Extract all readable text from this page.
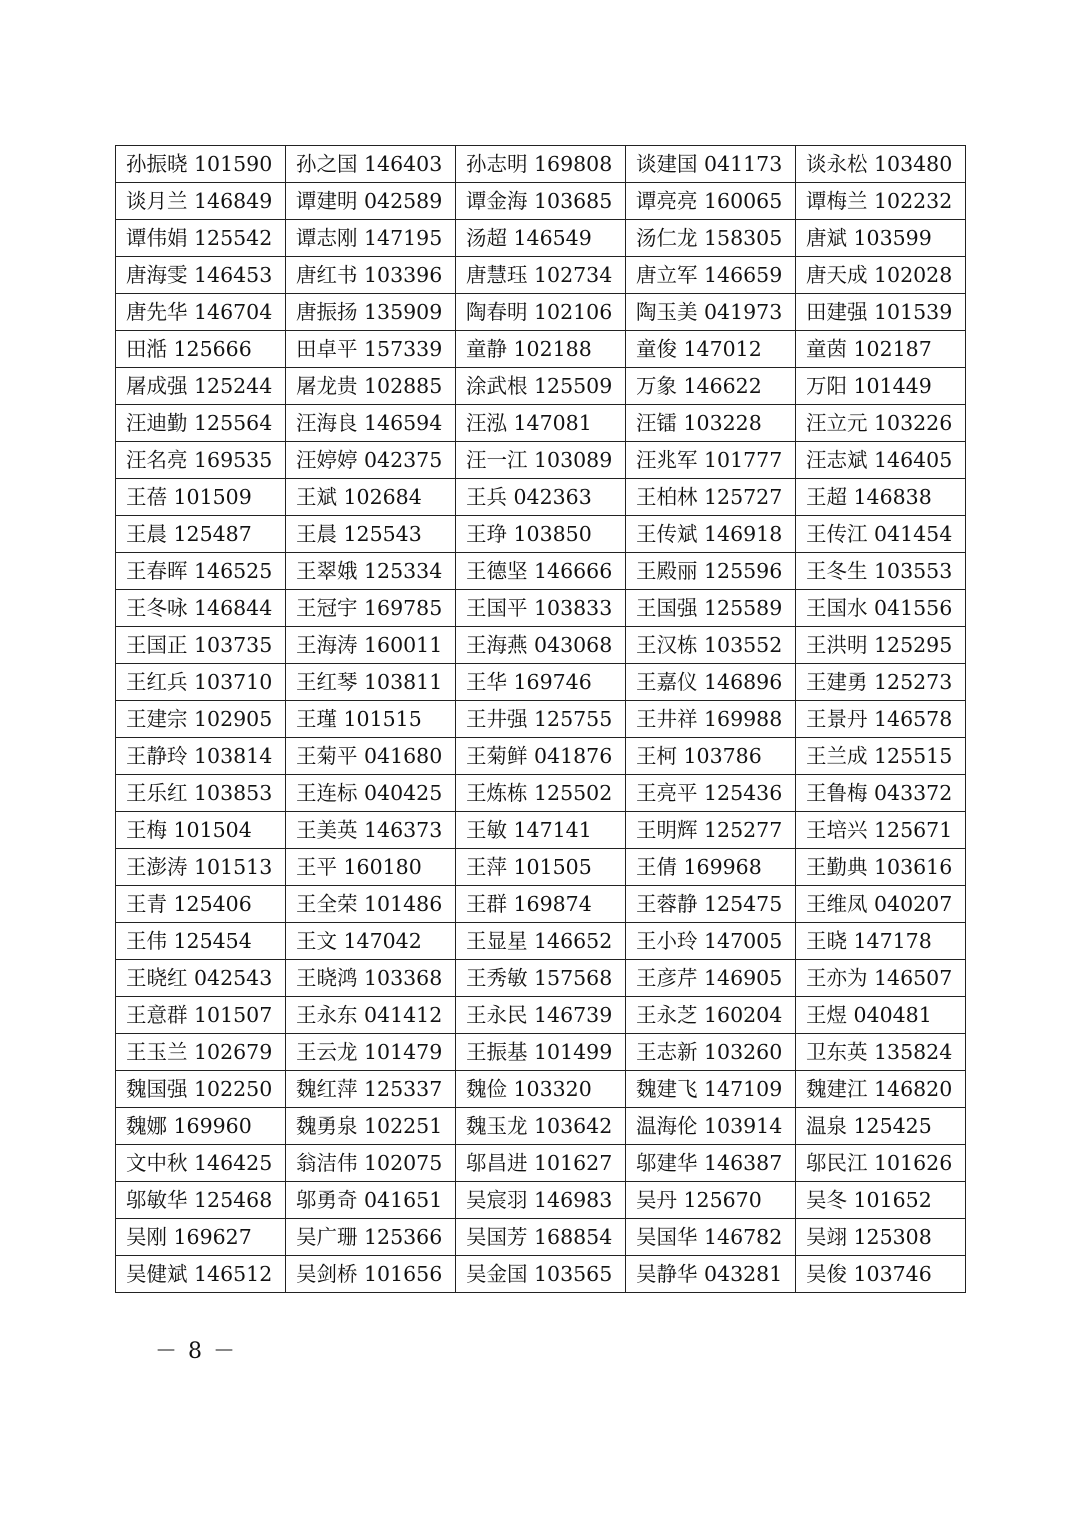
孙振晓 101590	孙之国 146403	孙志明 169808	谈建国 041173	谈永松 103480
谈月兰 146849	谭建明 042589	谭金海 103685	谭亮亮 160065	谭梅兰 102232
谭伟娟 125542	谭志刚 147195	汤超 146549	汤仁龙 158305	唐斌 103599
唐海雯 146453	唐红书 103396	唐慧珏 102734	唐立军 146659	唐天成 102028
唐先华 146704	唐振扬 135909	陶春明 102106	陶玉美 041973	田建强 101539
田湉 125666	田卓平 157339	童静 102188	童俊 147012	童茵 102187
屠成强 125244	屠龙贵 102885	涂武根 125509	万象 146622	万阳 101449
汪迪勤 125564	汪海良 146594	汪泓 147081	汪镭 103228	汪立元 103226
汪名亮 169535	汪婷婷 042375	汪一江 103089	汪兆军 101777	汪志斌 146405
王蓓 101509	王斌 102684	王兵 042363	王柏林 125727	王超 146838
王晨 125487	王晨 125543	王琤 103850	王传斌 146918	王传江 041454
王春晖 146525	王翠娥 125334	王德坚 146666	王殿丽 125596	王冬生 103553
王冬咏 146844	王冠宇 169785	王国平 103833	王国强 125589	王国水 041556
王国正 103735	王海涛 160011	王海燕 043068	王汉栋 103552	王洪明 125295
王红兵 103710	王红琴 103811	王华 169746	王嘉仪 146896	王建勇 125273
王建宗 102905	王瑾 101515	王井强 125755	王井祥 169988	王景丹 146578
王静玲 103814	王菊平 041680	王菊鲜 041876	王柯 103786	王兰成 125515
王乐红 103853	王连标 040425	王炼栋 125502	王亮平 125436	王鲁梅 043372
王梅 101504	王美英 146373	王敏 147141	王明辉 125277	王培兴 125671
王澎涛 101513	王平 160180	王萍 101505	王倩 169968	王勤典 103616
王青 125406	王全荣 101486	王群 169874	王蓉静 125475	王维凤 040207
王伟 125454	王文 147042	王显星 146652	王小玲 147005	王晓 147178
王晓红 042543	王晓鸿 103368	王秀敏 157568	王彦芹 146905	王亦为 146507
王意群 101507	王永东 041412	王永民 146739	王永芝 160204	王煜 040481
王玉兰 102679	王云龙 101479	王振基 101499	王志新 103260	卫东英 135824
魏国强 102250	魏红萍 125337	魏俭 103320	魏建飞 147109	魏建江 146820
魏娜 169960	魏勇泉 102251	魏玉龙 103642	温海伦 103914	温泉 125425
文中秋 146425	翁洁伟 102075	邬昌进 101627	邬建华 146387	邬民江 101626
邬敏华 125468	邬勇奇 041651	吴宸羽 146983	吴丹 125670	吴冬 101652
吴刚 169627	吴广珊 125366	吴国芳 168854	吴国华 146782	吴翊 125308
吴健斌 146512	吴剑桥 101656	吴金国 103565	吴静华 043281	吴俊 103746
－ 8 －
